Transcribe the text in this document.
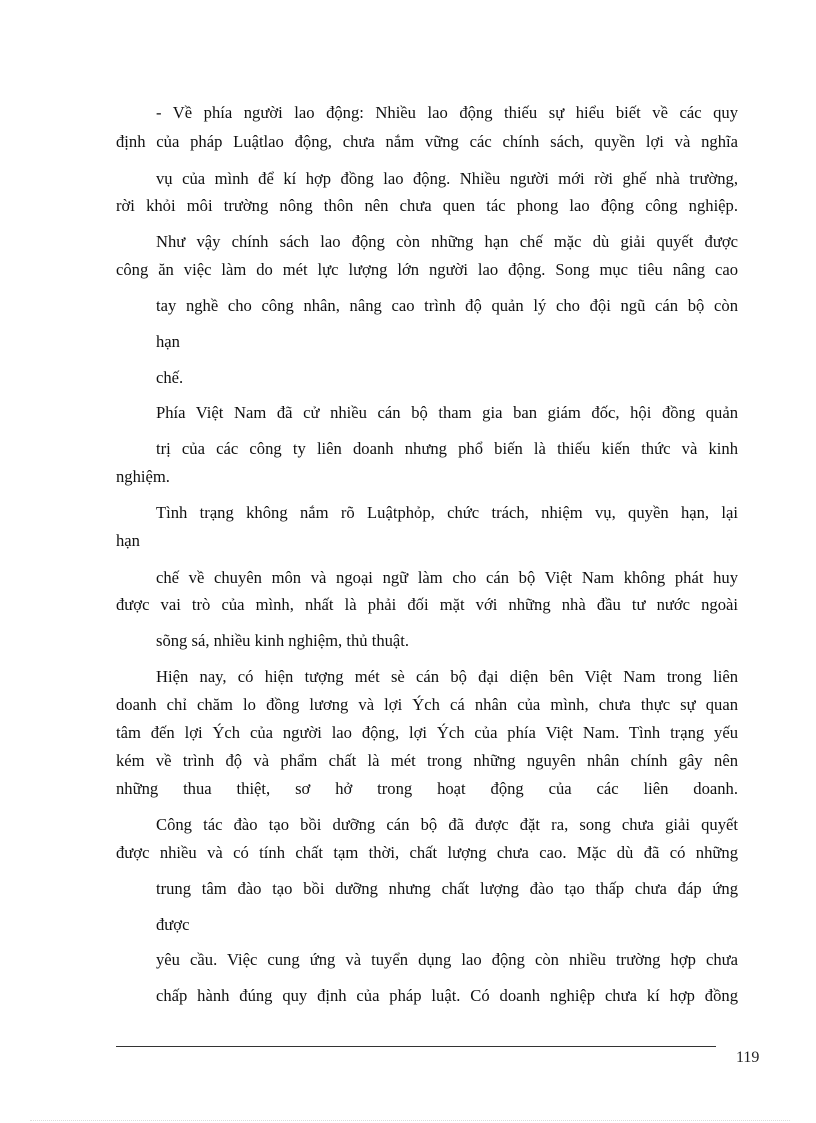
- Về phía người lao động: Nhiều lao động thiếu sự hiểu biết về các quy
định của pháp Luậtlao động, chưa nắm vững các chính sách, quyền lợi và nghĩa
vụ của mình để kí hợp đồng lao động. Nhiều người mới rời ghế nhà trường,
rời khỏi môi trường nông thôn nên chưa quen tác phong lao động công nghiệp.
Như vậy chính sách lao động còn những hạn chế mặc dù giải quyết được
công ăn việc làm do mét lực lượng lớn người lao động. Song mục tiêu nâng cao
tay nghề cho công nhân, nâng cao trình độ quản lý cho đội ngũ cán bộ còn
hạn
chế.
Phía Việt Nam đã cử nhiều cán bộ tham gia ban giám đốc, hội đồng quản
trị của các công ty liên doanh nhưng phổ biến là thiếu kiến thức và kinh
nghiệm.
Tình trạng không nắm rõ Luậtphỏp, chức trách, nhiệm vụ, quyền hạn, lại
hạn
chế về chuyên môn và ngoại ngữ làm cho cán bộ Việt Nam không phát huy
được vai trò của mình, nhất là phải đối mặt với những nhà đầu tư nước ngoài
sõng sá, nhiều kinh nghiệm, thủ thuật.
Hiện nay, có hiện tượng mét sè cán bộ đại diện bên Việt Nam trong liên
doanh chỉ chăm lo đồng lương và lợi Ých cá nhân của mình, chưa thực sự quan
tâm đến lợi Ých của người lao động, lợi Ých của phía Việt Nam. Tình trạng yếu
kém về trình độ và phẩm chất là mét trong những nguyên nhân chính gây nên
những thua thiệt, sơ hở trong hoạt động của các liên doanh.
Công tác đào tạo bồi dưỡng cán bộ đã được đặt ra, song chưa giải quyết
được nhiều và có tính chất tạm thời, chất lượng chưa cao. Mặc dù đã có những
trung tâm đào tạo bồi dưỡng nhưng chất lượng đào tạo thấp chưa đáp ứng
được
yêu cầu. Việc cung ứng và tuyển dụng lao động còn nhiều trường hợp chưa
chấp hành đúng quy định của pháp luật. Có doanh nghiệp chưa kí hợp đồng
119
